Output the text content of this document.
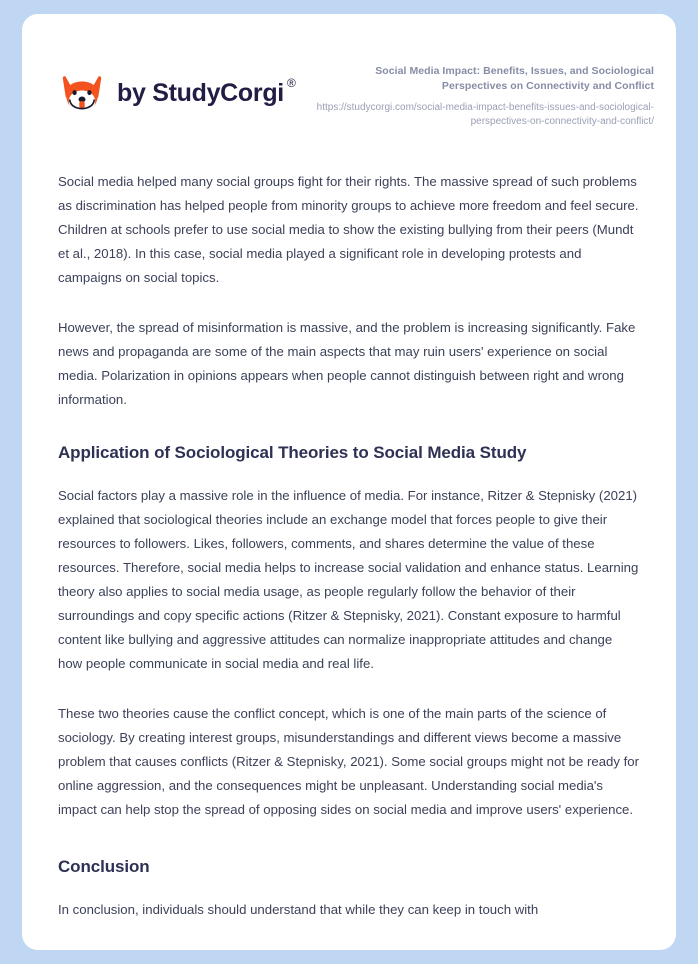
by StudyCorgi ®

Social Media Impact: Benefits, Issues, and Sociological Perspectives on Connectivity and Conflict

https://studycorgi.com/social-media-impact-benefits-issues-and-sociological-perspectives-on-connectivity-and-conflict/

Social media helped many social groups fight for their rights. The massive spread of such problems as discrimination has helped people from minority groups to achieve more freedom and feel secure. Children at schools prefer to use social media to show the existing bullying from their peers (Mundt et al., 2018). In this case, social media played a significant role in developing protests and campaigns on social topics.

However, the spread of misinformation is massive, and the problem is increasing significantly. Fake news and propaganda are some of the main aspects that may ruin users' experience on social media. Polarization in opinions appears when people cannot distinguish between right and wrong information.

Application of Sociological Theories to Social Media Study

Social factors play a massive role in the influence of media. For instance, Ritzer & Stepnisky (2021) explained that sociological theories include an exchange model that forces people to give their resources to followers. Likes, followers, comments, and shares determine the value of these resources. Therefore, social media helps to increase social validation and enhance status. Learning theory also applies to social media usage, as people regularly follow the behavior of their surroundings and copy specific actions (Ritzer & Stepnisky, 2021). Constant exposure to harmful content like bullying and aggressive attitudes can normalize inappropriate attitudes and change how people communicate in social media and real life.

These two theories cause the conflict concept, which is one of the main parts of the science of sociology. By creating interest groups, misunderstandings and different views become a massive problem that causes conflicts (Ritzer & Stepnisky, 2021). Some social groups might not be ready for online aggression, and the consequences might be unpleasant. Understanding social media's impact can help stop the spread of opposing sides on social media and improve users' experience.

Conclusion

In conclusion, individuals should understand that while they can keep in touch with
